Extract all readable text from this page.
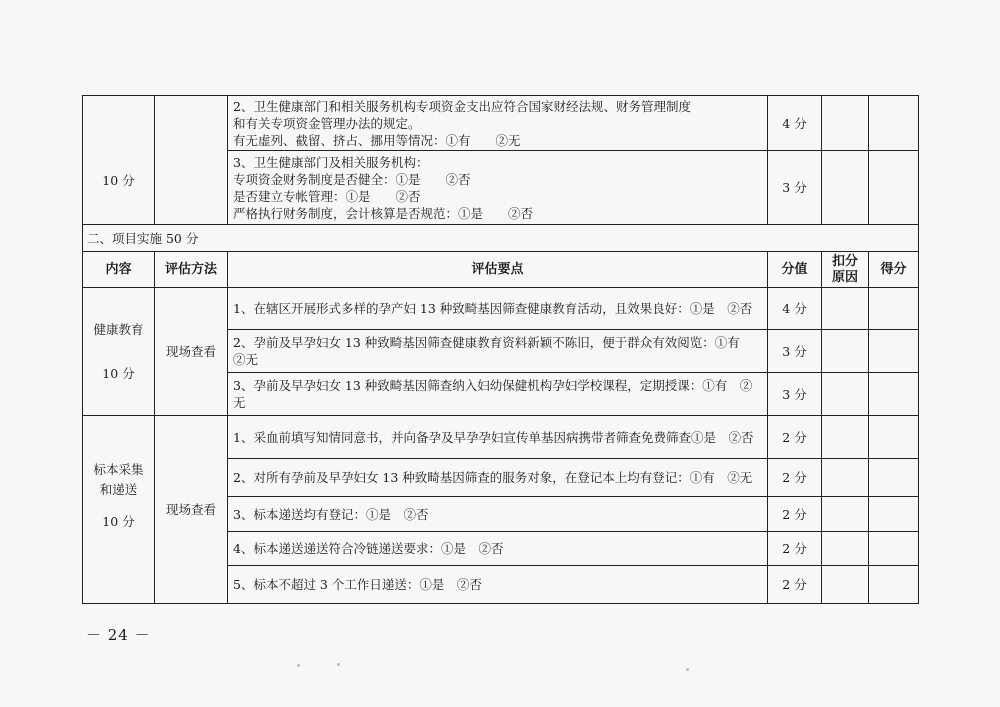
10 分		2、卫生健康部门和相关服务机构专项资金支出应符合国家财经法规、财务管理制度
和有关专项资金管理办法的规定。
有无虚列、截留、挤占、挪用等情况：①有　　②无	4 分		

		3、卫生健康部门及相关服务机构：
专项资金财务制度是否健全：①是　　②否
是否建立专帐管理：①是　　②否
严格执行财务制度，会计核算是否规范：①是　　②否	3 分		
二、项目实施 50 分					
内容	评估方法	评估要点	分值	扣分原因	得分

健康教育
10 分	现场查看	1、在辖区开展形式多样的孕产妇 13 种致畸基因筛查健康教育活动，且效果良好：①是　②否	4 分		
		2、孕前及早孕妇女 13 种致畸基因筛查健康教育资料新颖不陈旧，便于群众有效阅览：①有　②无	3 分		
		3、孕前及早孕妇女 13 种致畸基因筛查纳入妇幼保健机构孕妇学校课程，定期授课：①有　②无	3 分		

标本采集
和递送
10 分	现场查看	1、采血前填写知情同意书，并向备孕及早孕孕妇宣传单基因病携带者筛查免费筛查①是　②否	2 分		
		2、对所有孕前及早孕妇女 13 种致畸基因筛查的服务对象，在登记本上均有登记：①有　②无	2 分		
		3、标本递送均有登记：①是　②否	2 分		
		4、标本递送递送符合冷链递送要求：①是　②否	2 分		
		5、标本不超过 3 个工作日递送：①是　②否	2 分		
－ 24 －
